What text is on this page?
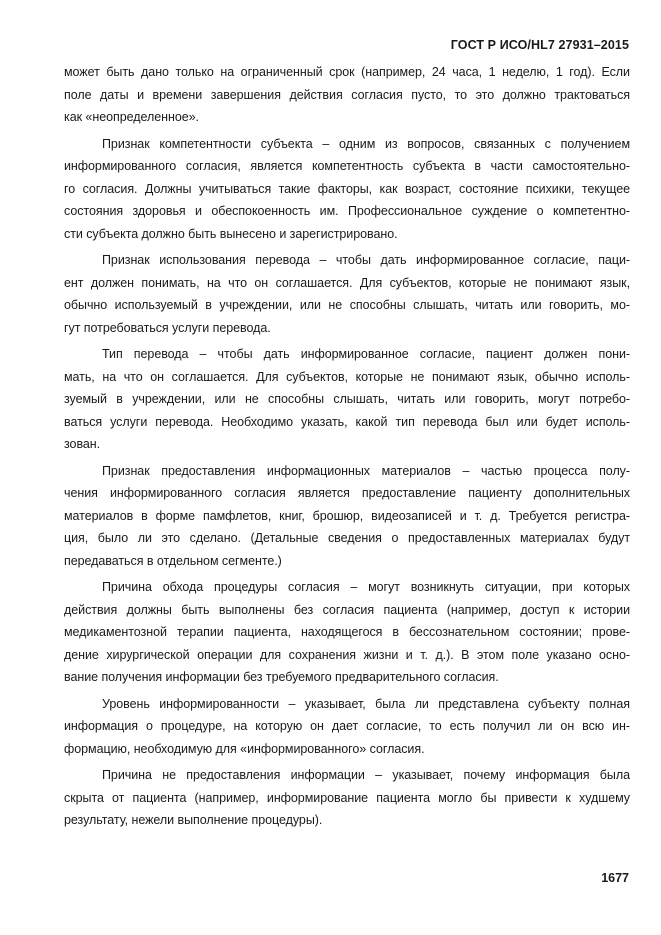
ГОСТ Р ИСО/HL7 27931–2015
может быть дано только на ограниченный срок (например, 24 часа, 1 неделю, 1 год). Если
поле даты и времени завершения действия согласия пусто, то это должно трактоваться
как «неопределенное».
Признак компетентности субъекта – одним из вопросов, связанных с получением
информированного согласия, является компетентность субъекта в части самостоятельно-
го согласия. Должны учитываться такие факторы, как возраст, состояние психики, текущее
состояния здоровья и обеспокоенность им. Профессиональное суждение о компетентно-
сти субъекта должно быть вынесено и зарегистрировано.
Признак использования перевода – чтобы дать информированное согласие, паци-
ент должен понимать, на что он соглашается. Для субъектов, которые не понимают язык,
обычно используемый в учреждении, или не способны слышать, читать или говорить, мо-
гут потребоваться услуги перевода.
Тип перевода – чтобы дать информированное согласие, пациент должен пони-
мать, на что он соглашается. Для субъектов, которые не понимают язык, обычно исполь-
зуемый в учреждении, или не способны слышать, читать или говорить, могут потребо-
ваться услуги перевода. Необходимо указать, какой тип перевода был или будет исполь-
зован.
Признак предоставления информационных материалов – частью процесса полу-
чения информированного согласия является предоставление пациенту дополнительных
материалов в форме памфлетов, книг, брошюр, видеозаписей и т. д. Требуется регистра-
ция, было ли это сделано. (Детальные сведения о предоставленных материалах будут
передаваться в отдельном сегменте.)
Причина обхода процедуры согласия – могут возникнуть ситуации, при которых
действия должны быть выполнены без согласия пациента (например, доступ к истории
медикаментозной терапии пациента, находящегося в бессознательном состоянии; прове-
дение хирургической операции для сохранения жизни и т. д.). В этом поле указано осно-
вание получения информации без требуемого предварительного согласия.
Уровень информированности – указывает, была ли представлена субъекту полная
информация о процедуре, на которую он дает согласие, то есть получил ли он всю ин-
формацию, необходимую для «информированного» согласия.
Причина не предоставления информации – указывает, почему информация была
скрыта от пациента (например, информирование пациента могло бы привести к худшему
результату, нежели выполнение процедуры).
1677
